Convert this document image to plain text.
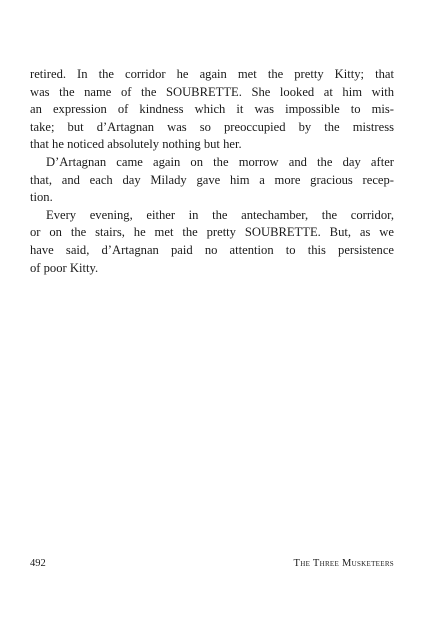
retired. In the corridor he again met the pretty Kitty; that
was the name of the SOUBRETTE. She looked at him with
an expression of kindness which it was impossible to mis-
take; but d’Artagnan was so preoccupied by the mistress
that he noticed absolutely nothing but her.
D’Artagnan came again on the morrow and the day after
that, and each day Milady gave him a more gracious recep-
tion.
Every evening, either in the antechamber, the corridor,
or on the stairs, he met the pretty SOUBRETTE. But, as we
have said, d’Artagnan paid no attention to this persistence
of poor Kitty.
492	The Three Musketeers
